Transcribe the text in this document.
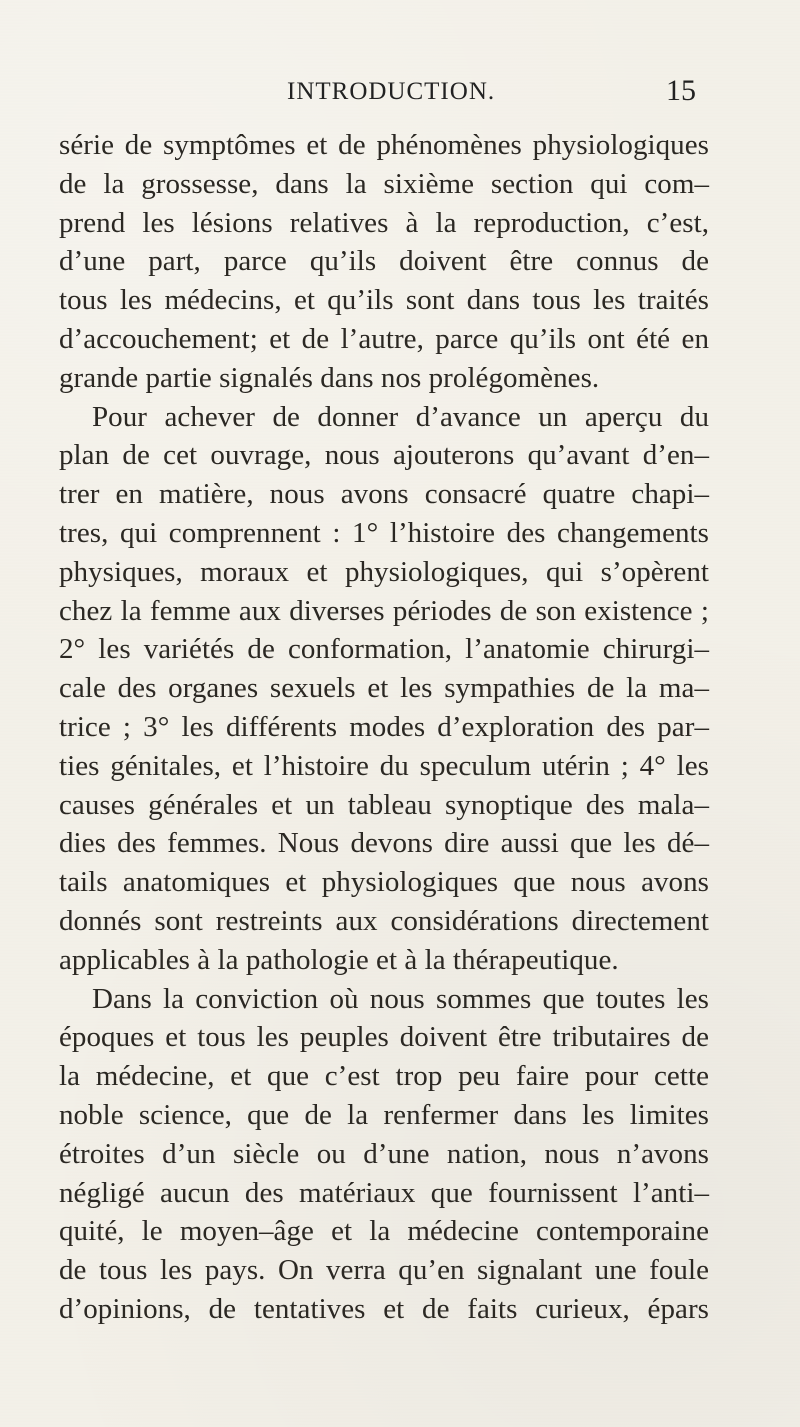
INTRODUCTION.	15
série de symptômes et de phénomènes physiologiques
de la grossesse, dans la sixième section qui com–
prend les lésions relatives à la reproduction, c’est,
d’une part, parce qu’ils doivent être connus de
tous les médecins, et qu’ils sont dans tous les traités
d’accouchement; et de l’autre, parce qu’ils ont été en
grande partie signalés dans nos prolégomènes.
Pour achever de donner d’avance un aperçu du
plan de cet ouvrage, nous ajouterons qu’avant d’en–
trer en matière, nous avons consacré quatre chapi–
tres, qui comprennent : 1° l’histoire des changements
physiques, moraux et physiologiques, qui s’opèrent
chez la femme aux diverses périodes de son existence ;
2° les variétés de conformation, l’anatomie chirurgi–
cale des organes sexuels et les sympathies de la ma–
trice ; 3° les différents modes d’exploration des par–
ties génitales, et l’histoire du speculum utérin ; 4° les
causes générales et un tableau synoptique des mala–
dies des femmes. Nous devons dire aussi que les dé–
tails anatomiques et physiologiques que nous avons
donnés sont restreints aux considérations directement
applicables à la pathologie et à la thérapeutique.
Dans la conviction où nous sommes que toutes les
époques et tous les peuples doivent être tributaires de
la médecine, et que c’est trop peu faire pour cette
noble science, que de la renfermer dans les limites
étroites d’un siècle ou d’une nation, nous n’avons
négligé aucun des matériaux que fournissent l’anti–
quité, le moyen–âge et la médecine contemporaine
de tous les pays. On verra qu’en signalant une foule
d’opinions, de tentatives et de faits curieux, épars
